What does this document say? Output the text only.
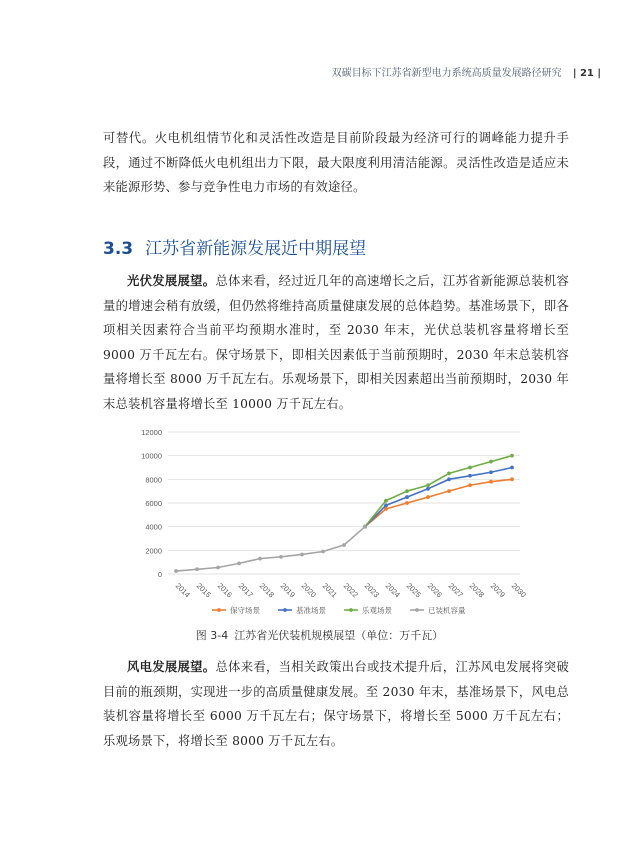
双碳目标下江苏省新型电力系统高质量发展路径研究 | 21 |

可替代。火电机组情节化和灵活性改造是目前阶段最为经济可行的调峰能力提升手段，通过不断降低火电机组出力下限，最大限度利用清洁能源。灵活性改造是适应未来能源形势、参与竞争性电力市场的有效途径。

3.3 江苏省新能源发展近中期展望

光伏发展展望。总体来看，经过近几年的高速增长之后，江苏省新能源总装机容量的增速会稍有放缓，但仍然将维持高质量健康发展的总体趋势。基准场景下，即各项相关因素符合当前平均预期水准时，至 2030 年末，光伏总装机容量将增长至 9000 万千瓦左右。保守场景下，即相关因素低于当前预期时，2030 年末总装机容量将增长至 8000 万千瓦左右。乐观场景下，即相关因素超出当前预期时，2030 年末总装机容量将增长至 10000 万千瓦左右。

0
2000
4000
6000
8000
10000
12000
2014 2015 2016 2017 2018 2019 2020 2021 2022 2023 2024 2025 2026 2027 2028 2029 2030
保守场景	基准场景	乐观场景	已装机容量
图 3-4 江苏省光伏装机规模展望（单位：万千瓦）

风电发展展望。总体来看，当相关政策出台或技术提升后，江苏风电发展将突破目前的瓶颈期，实现进一步的高质量健康发展。至 2030 年末，基准场景下，风电总装机容量将增长至 6000 万千瓦左右；保守场景下，将增长至 5000 万千瓦左右；乐观场景下，将增长至 8000 万千瓦左右。
